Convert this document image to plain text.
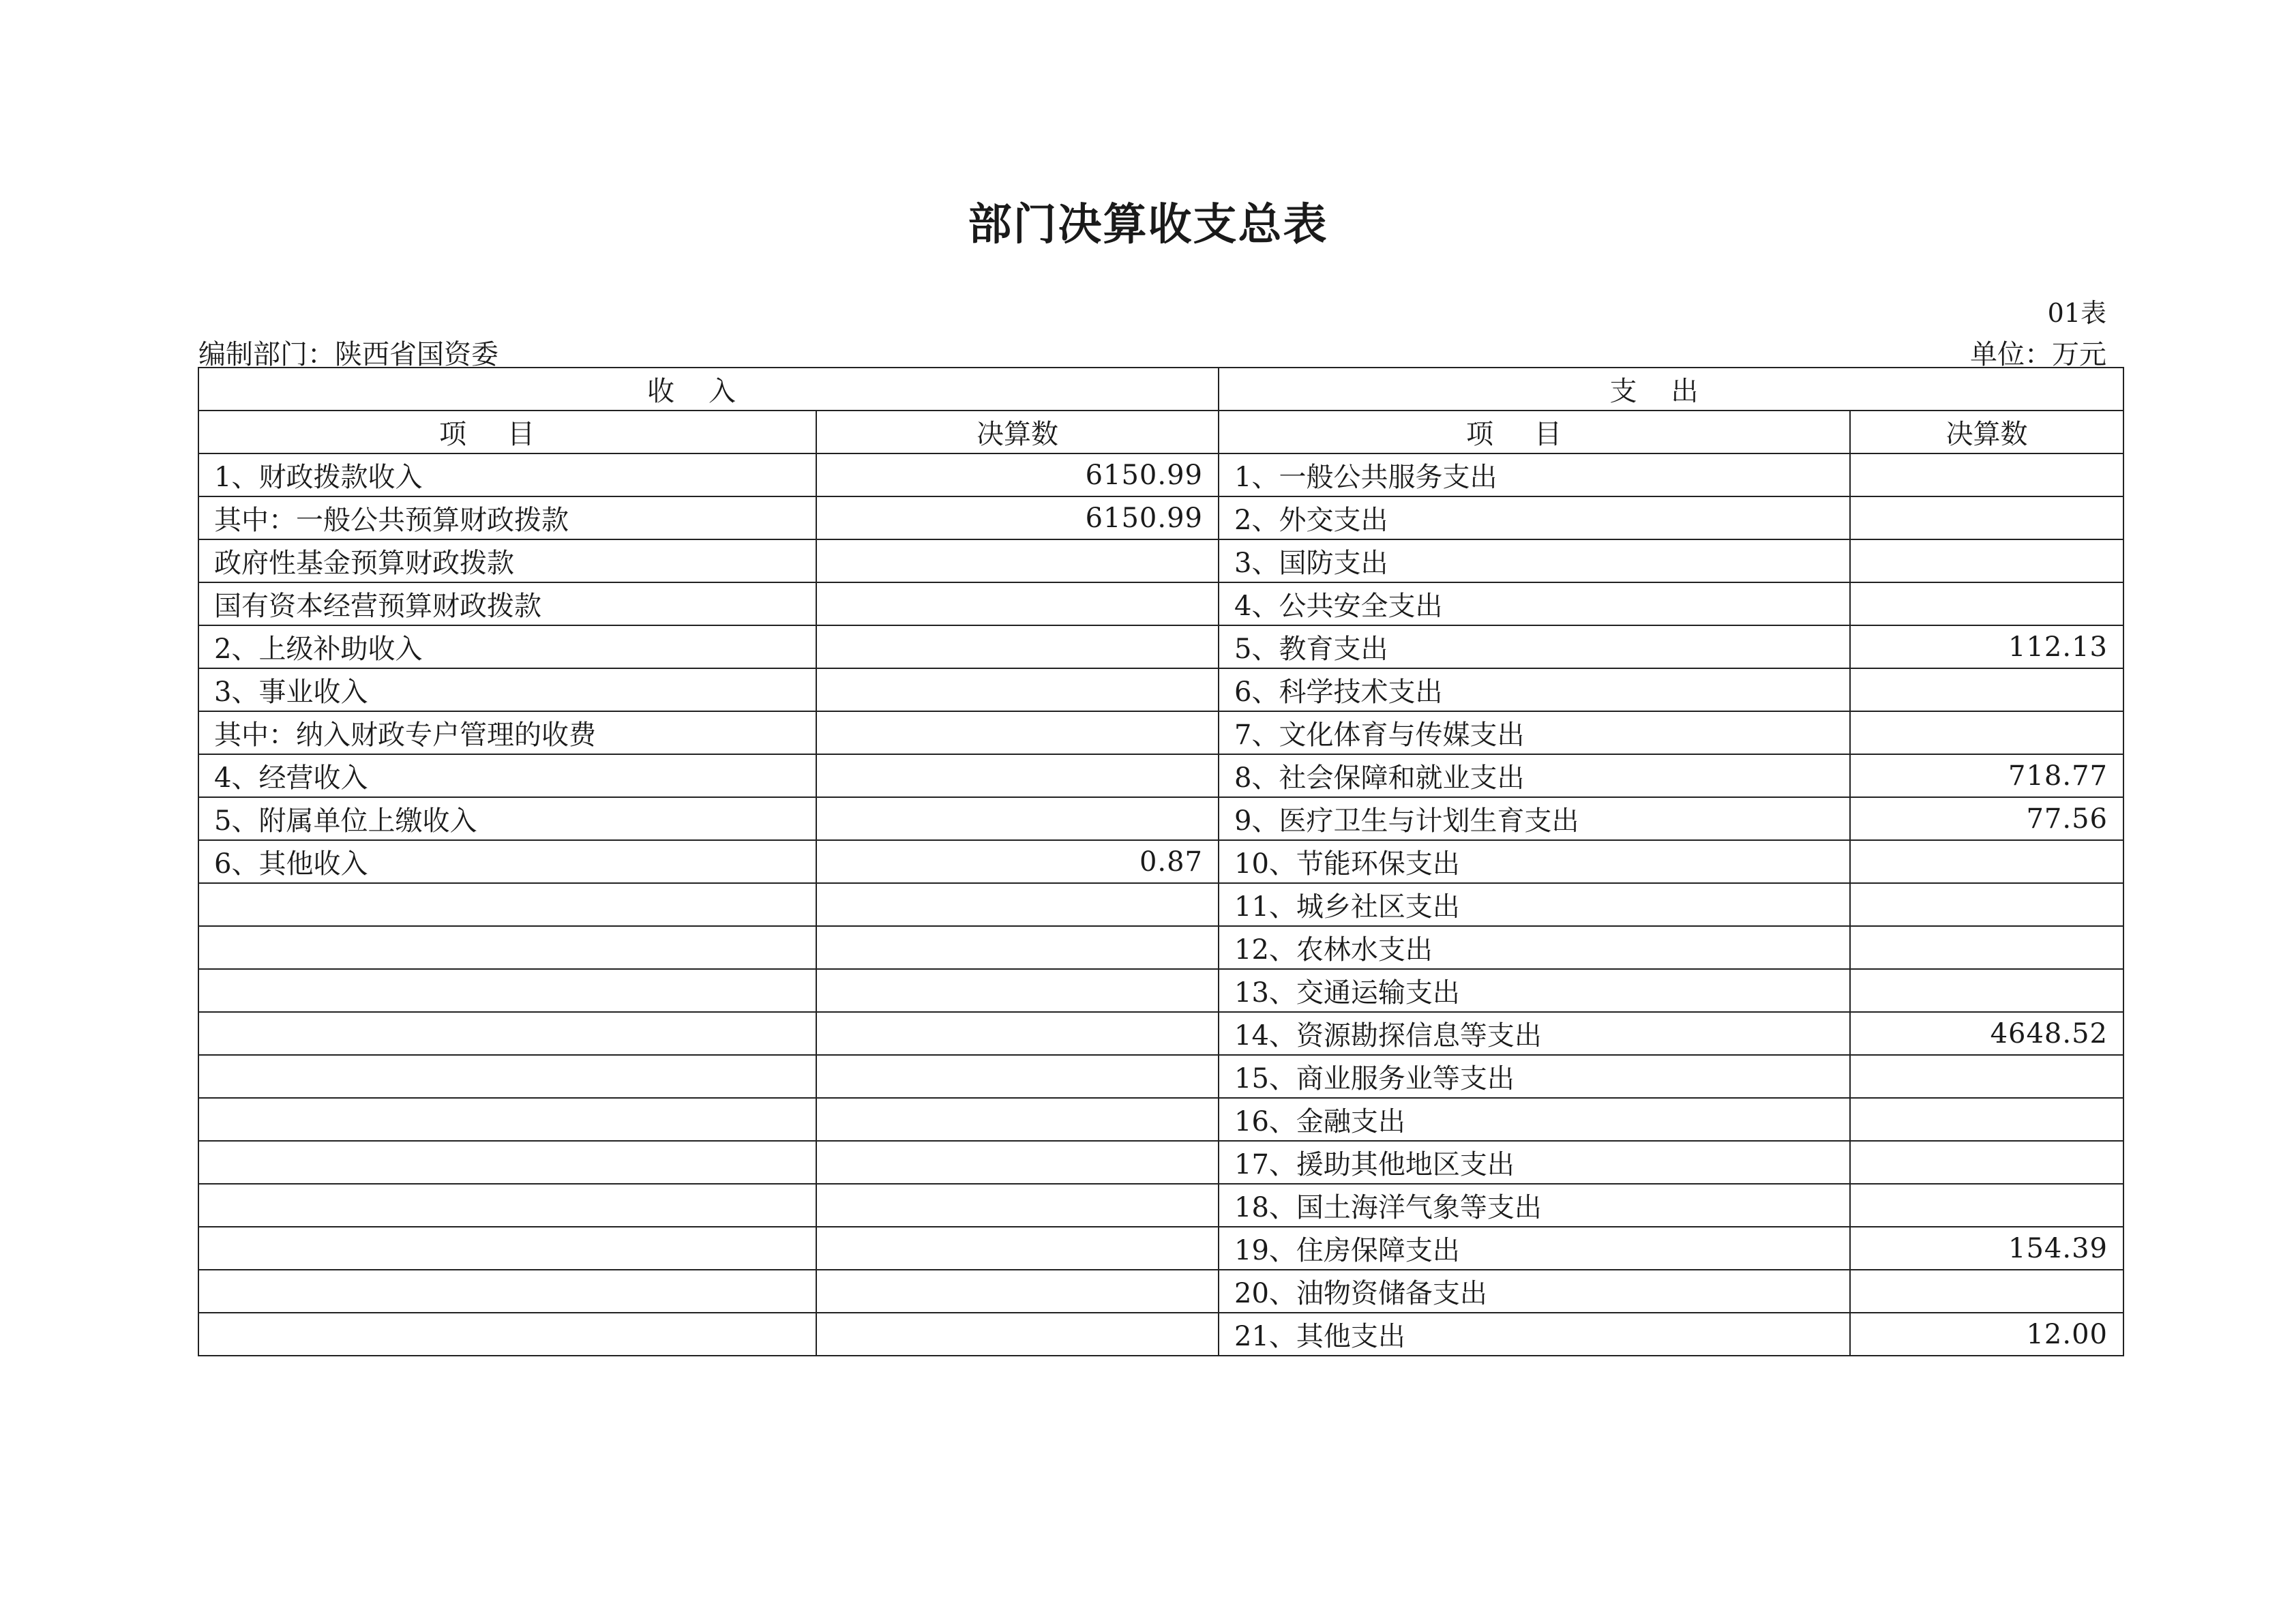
部门决算收支总表
01表
编制部门：陕西省国资委	单位：万元
收入		支出	
项目	决算数	项目	决算数
1、财政拨款收入	6150.99	1、一般公共服务支出	
其中：一般公共预算财政拨款	6150.99	2、外交支出	
政府性基金预算财政拨款		3、国防支出	
国有资本经营预算财政拨款		4、公共安全支出	
2、上级补助收入		5、教育支出	112.13
3、事业收入		6、科学技术支出	
其中：纳入财政专户管理的收费		7、文化体育与传媒支出	
4、经营收入		8、社会保障和就业支出	718.77
5、附属单位上缴收入		9、医疗卫生与计划生育支出	77.56
6、其他收入	0.87	10、节能环保支出	
		11、城乡社区支出	
		12、农林水支出	
		13、交通运输支出	
		14、资源勘探信息等支出	4648.52
		15、商业服务业等支出	
		16、金融支出	
		17、援助其他地区支出	
		18、国土海洋气象等支出	
		19、住房保障支出	154.39
		20、油物资储备支出	
		21、其他支出	12.00
